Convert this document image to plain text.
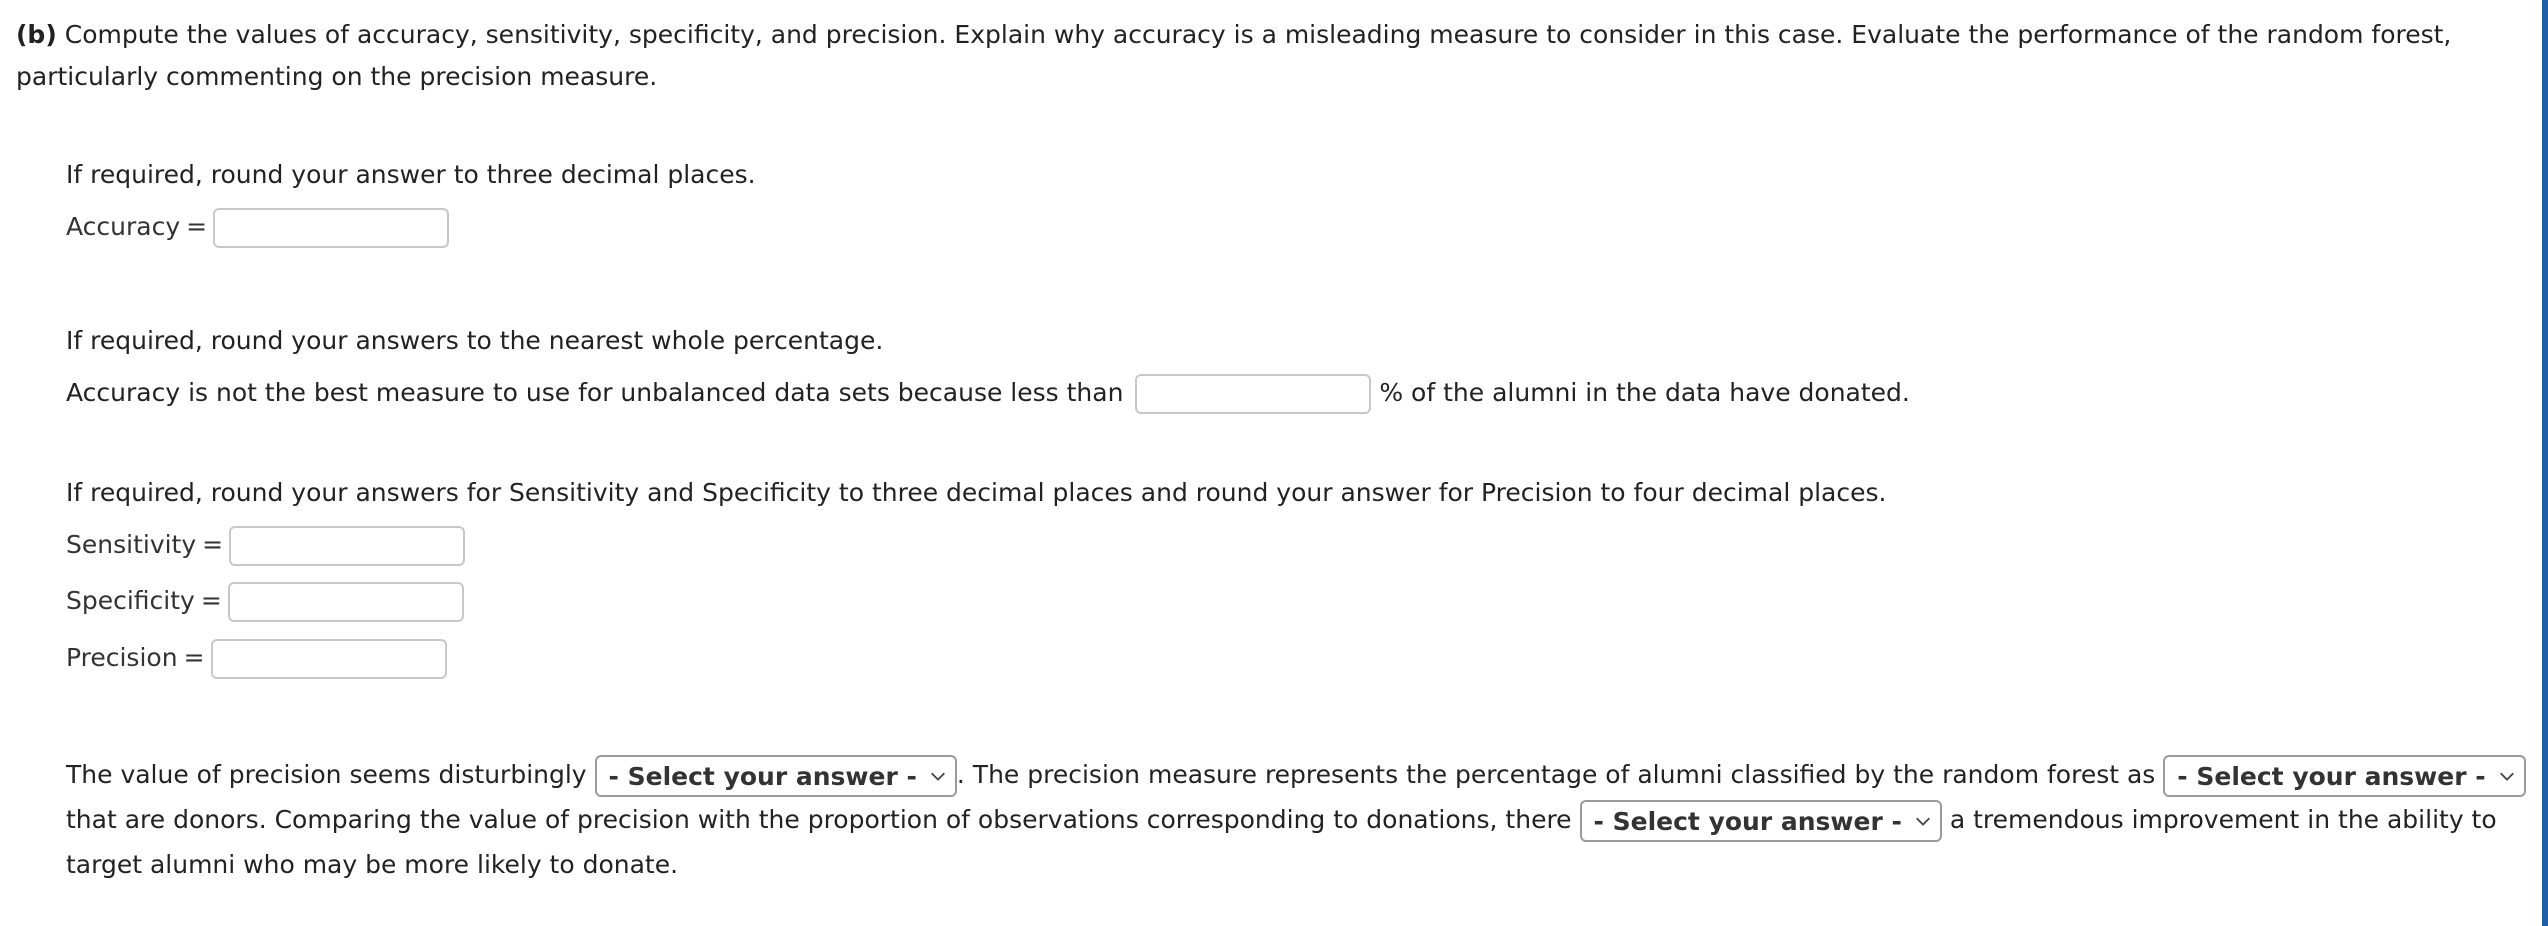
(b) Compute the values of accuracy, sensitivity, specificity, and precision. Explain why accuracy is a misleading measure to consider in this case. Evaluate the performance of the random forest, particularly commenting on the precision measure.
If required, round your answer to three decimal places.
Accuracy =
If required, round your answers to the nearest whole percentage.
Accuracy is not the best measure to use for unbalanced data sets because less than	% of the alumni in the data have donated.
If required, round your answers for Sensitivity and Specificity to three decimal places and round your answer for Precision to four decimal places.
Sensitivity =
Specificity =
Precision =
The value of precision seems disturbingly - Select your answer - . The precision measure represents the percentage of alumni classified by the random forest as - Select your answer -
that are donors. Comparing the value of precision with the proportion of observations corresponding to donations, there - Select your answer - a tremendous improvement in the ability to target alumni who may be more likely to donate.
